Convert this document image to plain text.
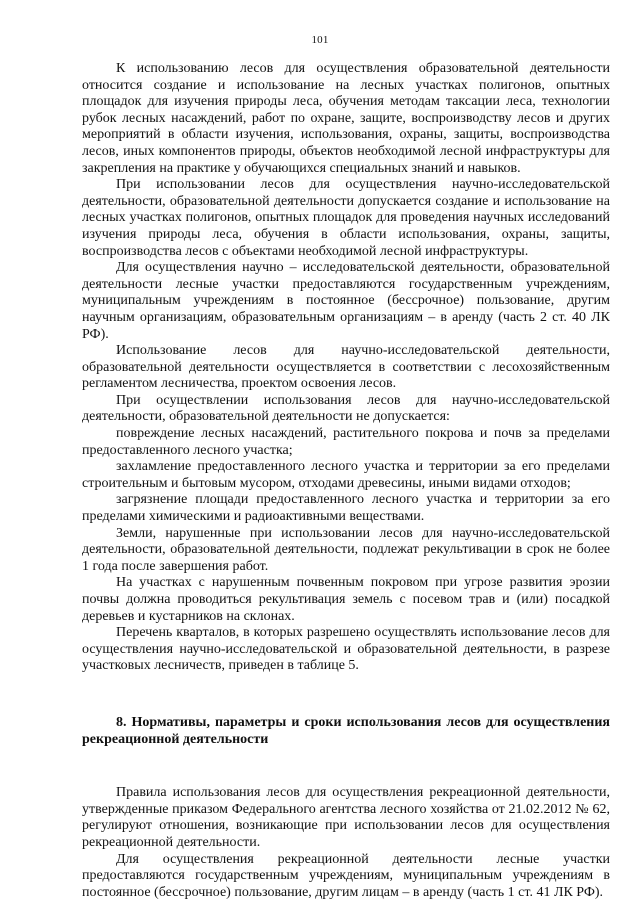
101

К использованию лесов для осуществления образовательной деятельности относится создание и использование на лесных участках полигонов, опытных площадок для изучения природы леса, обучения методам таксации леса, технологии рубок лесных насаждений, работ по охране, защите, воспроизводству лесов и других мероприятий в области изучения, использования, охраны, защиты, воспроизводства лесов, иных компонентов природы, объектов необходимой лесной инфраструктуры для закрепления на практике у обучающихся специальных знаний и навыков.

При использовании лесов для осуществления научно-исследовательской деятельности, образовательной деятельности допускается создание и использование на лесных участках полигонов, опытных площадок для проведения научных исследований изучения природы леса, обучения в области использования, охраны, защиты, воспроизводства лесов с объектами необходимой лесной инфраструктуры.

Для осуществления научно – исследовательской деятельности, образовательной деятельности лесные участки предоставляются государственным учреждениям, муниципальным учреждениям в постоянное (бессрочное) пользование, другим научным организациям, образовательным организациям – в аренду (часть 2 ст. 40 ЛК РФ).

Использование лесов для научно-исследовательской деятельности, образовательной деятельности осуществляется в соответствии с лесохозяйственным регламентом лесничества, проектом освоения лесов.

При осуществлении использования лесов для научно-исследовательской деятельности, образовательной деятельности не допускается:

повреждение лесных насаждений, растительного покрова и почв за пределами предоставленного лесного участка;

захламление предоставленного лесного участка и территории за его пределами строительным и бытовым мусором, отходами древесины, иными видами отходов;

загрязнение площади предоставленного лесного участка и территории за его пределами химическими и радиоактивными веществами.

Земли, нарушенные при использовании лесов для научно-исследовательской деятельности, образовательной деятельности, подлежат рекультивации в срок не более 1 года после завершения работ.

На участках с нарушенным почвенным покровом при угрозе развития эрозии почвы должна проводиться рекультивация земель с посевом трав и (или) посадкой деревьев и кустарников на склонах.

Перечень кварталов, в которых разрешено осуществлять использование лесов для осуществления научно-исследовательской и образовательной деятельности, в разрезе участковых лесничеств, приведен в таблице 5.

8. Нормативы, параметры и сроки использования лесов для осуществления рекреационной деятельности

Правила использования лесов для осуществления рекреационной деятельности, утвержденные приказом Федерального агентства лесного хозяйства от 21.02.2012 № 62, регулируют отношения, возникающие при использовании лесов для осуществления рекреационной деятельности.

Для осуществления рекреационной деятельности лесные участки предоставляются государственным учреждениям, муниципальным учреждениям в постоянное (бессрочное) пользование, другим лицам – в аренду (часть 1 ст. 41 ЛК РФ).
